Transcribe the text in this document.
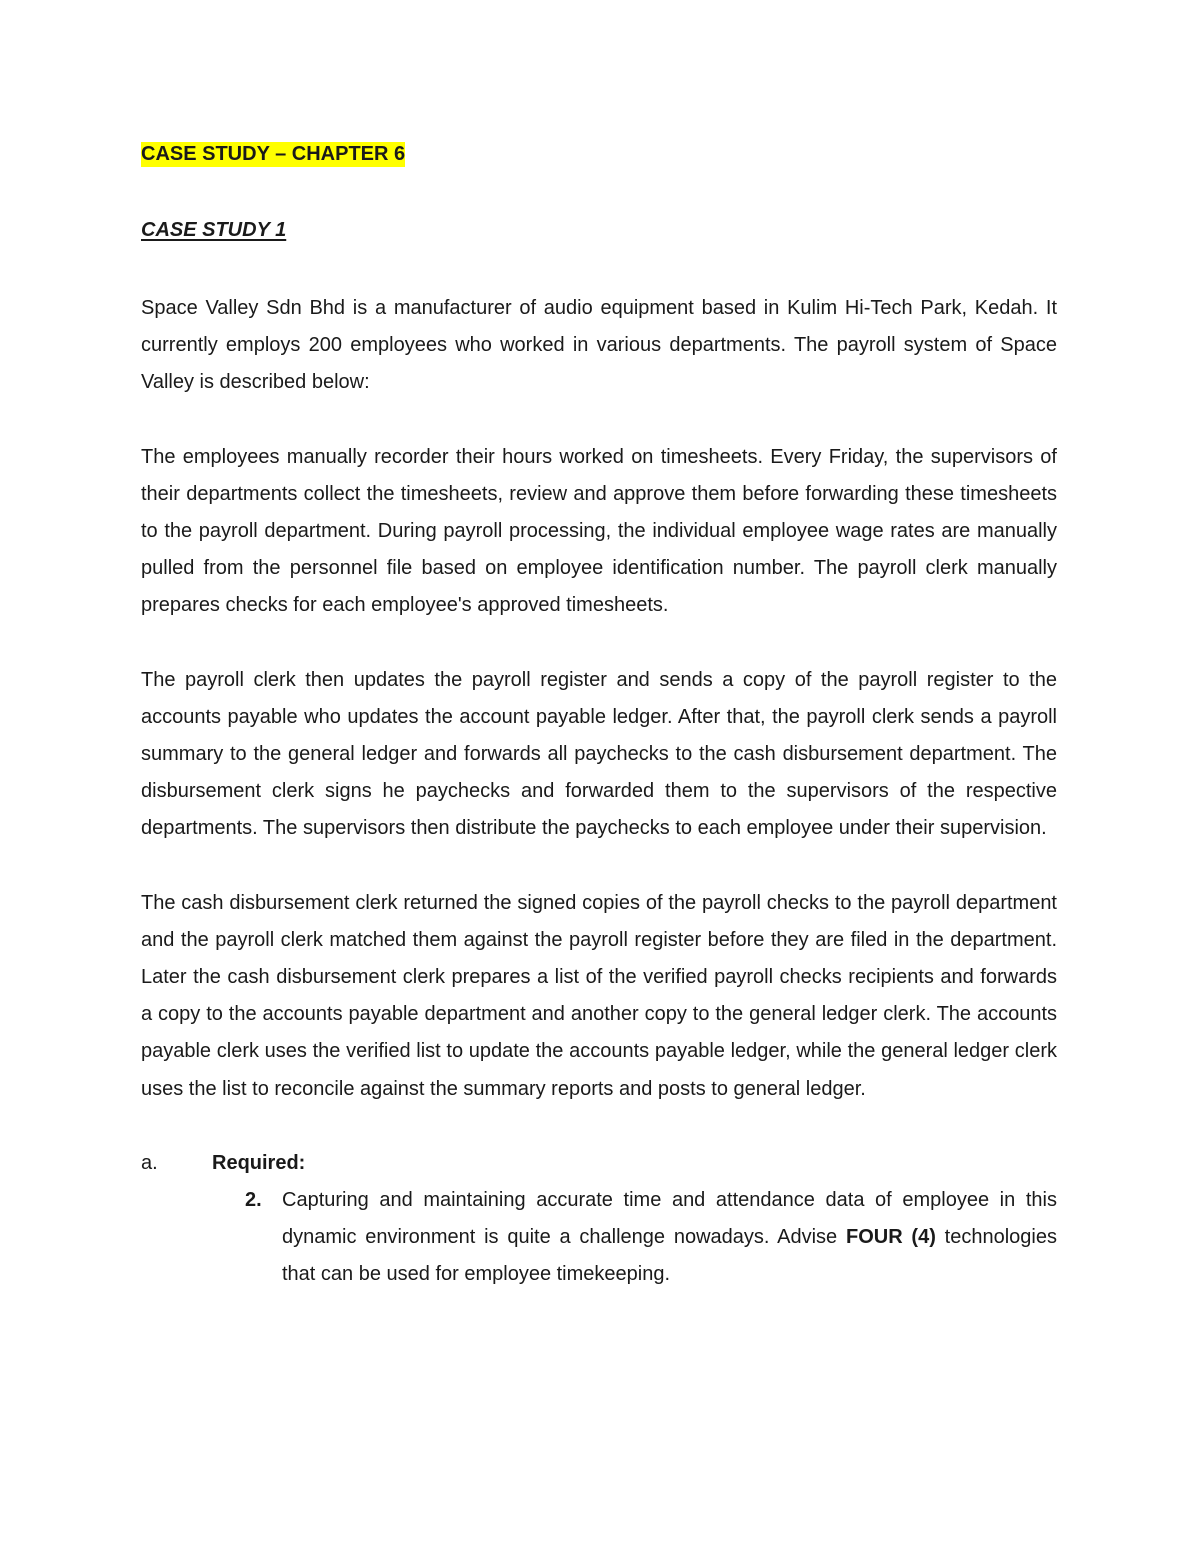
CASE STUDY – CHAPTER 6
CASE STUDY 1

Space Valley Sdn Bhd is a manufacturer of audio equipment based in Kulim Hi-Tech Park, Kedah. It currently employs 200 employees who worked in various departments. The payroll system of Space Valley is described below:

The employees manually recorder their hours worked on timesheets. Every Friday, the supervisors of their departments collect the timesheets, review and approve them before forwarding these timesheets to the payroll department. During payroll processing, the individual employee wage rates are manually pulled from the personnel file based on employee identification number. The payroll clerk manually prepares checks for each employee's approved timesheets.

The payroll clerk then updates the payroll register and sends a copy of the payroll register to the accounts payable who updates the account payable ledger. After that, the payroll clerk sends a payroll summary to the general ledger and forwards all paychecks to the cash disbursement department. The disbursement clerk signs he paychecks and forwarded them to the supervisors of the respective departments. The supervisors then distribute the paychecks to each employee under their supervision.

The cash disbursement clerk returned the signed copies of the payroll checks to the payroll department and the payroll clerk matched them against the payroll register before they are filed in the department. Later the cash disbursement clerk prepares a list of the verified payroll checks recipients and forwards a copy to the accounts payable department and another copy to the general ledger clerk. The accounts payable clerk uses the verified list to update the accounts payable ledger, while the general ledger clerk uses the list to reconcile against the summary reports and posts to general ledger.

a.	Required:
2. Capturing and maintaining accurate time and attendance data of employee in this dynamic environment is quite a challenge nowadays. Advise FOUR (4) technologies that can be used for employee timekeeping.
